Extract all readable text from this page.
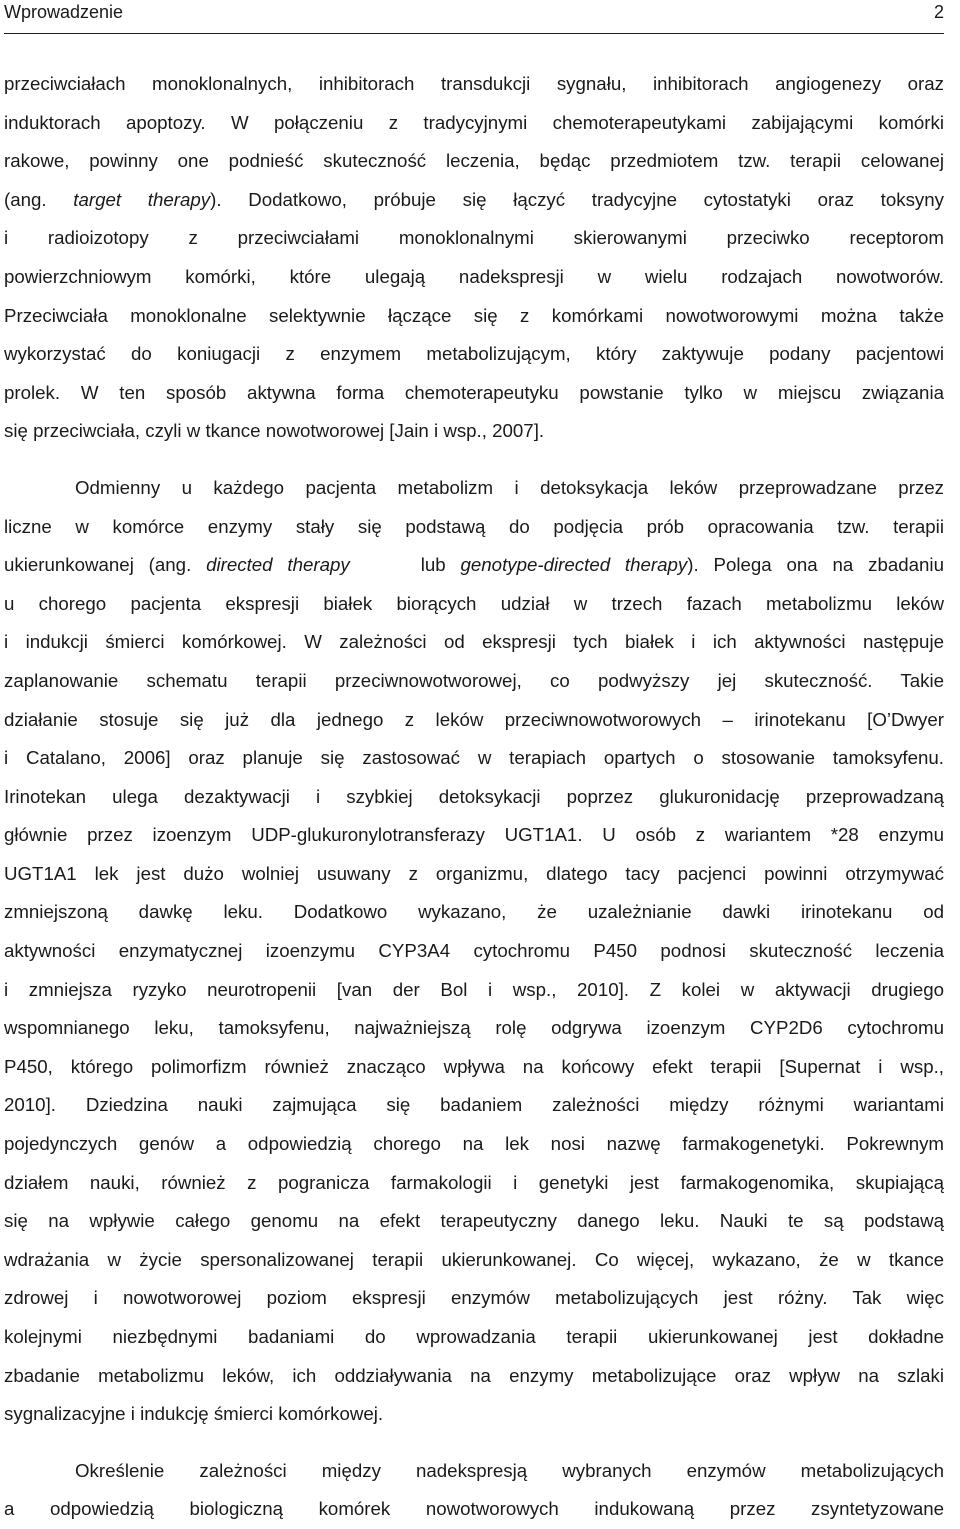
Wprowadzenie	2
przeciwciałach monoklonalnych, inhibitorach transdukcji sygnału, inhibitorach angiogenezy oraz
induktorach apoptozy. W połączeniu z tradycyjnymi chemoterapeutykami zabijającymi komórki
rakowe, powinny one podnieść skuteczność leczenia, będąc przedmiotem tzw. terapii celowanej
(ang. target therapy). Dodatkowo, próbuje się łączyć tradycyjne cytostatyki oraz toksyny
i radioizotopy z przeciwciałami monoklonalnymi skierowanymi przeciwko receptorom
powierzchniowym komórki, które ulegają nadekspresji w wielu rodzajach nowotworów.
Przeciwciała monoklonalne selektywnie łączące się z komórkami nowotworowymi można także
wykorzystać do koniugacji z enzymem metabolizującym, który zaktywuje podany pacjentowi
prolek. W ten sposób aktywna forma chemoterapeutyku powstanie tylko w miejscu związania
się przeciwciała, czyli w tkance nowotworowej [Jain i wsp., 2007].
Odmienny u każdego pacjenta metabolizm i detoksykacja leków przeprowadzane przez
liczne w komórce enzymy stały się podstawą do podjęcia prób opracowania tzw. terapii
ukierunkowanej (ang. directed therapy	lub genotype-directed therapy). Polega ona na zbadaniu
u chorego pacjenta ekspresji białek biorących udział w trzech fazach metabolizmu leków
i indukcji śmierci komórkowej. W zależności od ekspresji tych białek i ich aktywności następuje
zaplanowanie schematu terapii przeciwnowotworowej, co podwyższy jej skuteczność. Takie
działanie stosuje się już dla jednego z leków przeciwnowotworowych – irinotekanu [O’Dwyer
i Catalano, 2006] oraz planuje się zastosować w terapiach opartych o stosowanie tamoksyfenu.
Irinotekan ulega dezaktywacji i szybkiej detoksykacji poprzez glukuronidację przeprowadzaną
głównie przez izoenzym UDP-glukuronylotransferazy UGT1A1. U osób z wariantem *28 enzymu
UGT1A1 lek jest dużo wolniej usuwany z organizmu, dlatego tacy pacjenci powinni otrzymywać
zmniejszoną dawkę leku. Dodatkowo wykazano, że uzależnianie dawki irinotekanu od
aktywności enzymatycznej izoenzymu CYP3A4 cytochromu P450 podnosi skuteczność leczenia
i zmniejsza ryzyko neurotropenii [van der Bol i wsp., 2010]. Z kolei w aktywacji drugiego
wspomnianego leku, tamoksyfenu, najważniejszą rolę odgrywa izoenzym CYP2D6 cytochromu
P450, którego polimorfizm również znacząco wpływa na końcowy efekt terapii [Supernat i wsp.,
2010]. Dziedzina nauki zajmująca się badaniem zależności między różnymi wariantami
pojedynczych genów a odpowiedzią chorego na lek nosi nazwę farmakogenetyki. Pokrewnym
działem nauki, również z pogranicza farmakologii i genetyki jest farmakogenomika, skupiającą
się na wpływie całego genomu na efekt terapeutyczny danego leku. Nauki te są podstawą
wdrażania w życie spersonalizowanej terapii ukierunkowanej. Co więcej, wykazano, że w tkance
zdrowej i nowotworowej poziom ekspresji enzymów metabolizujących jest różny. Tak więc
kolejnymi niezbędnymi badaniami do wprowadzania terapii ukierunkowanej jest dokładne
zbadanie metabolizmu leków, ich oddziaływania na enzymy metabolizujące oraz wpływ na szlaki
sygnalizacyjne i indukcję śmierci komórkowej.
Określenie zależności między nadekspresją wybranych enzymów metabolizujących
a odpowiedzią biologiczną komórek nowotworowych indukowaną przez zsyntetyzowane
